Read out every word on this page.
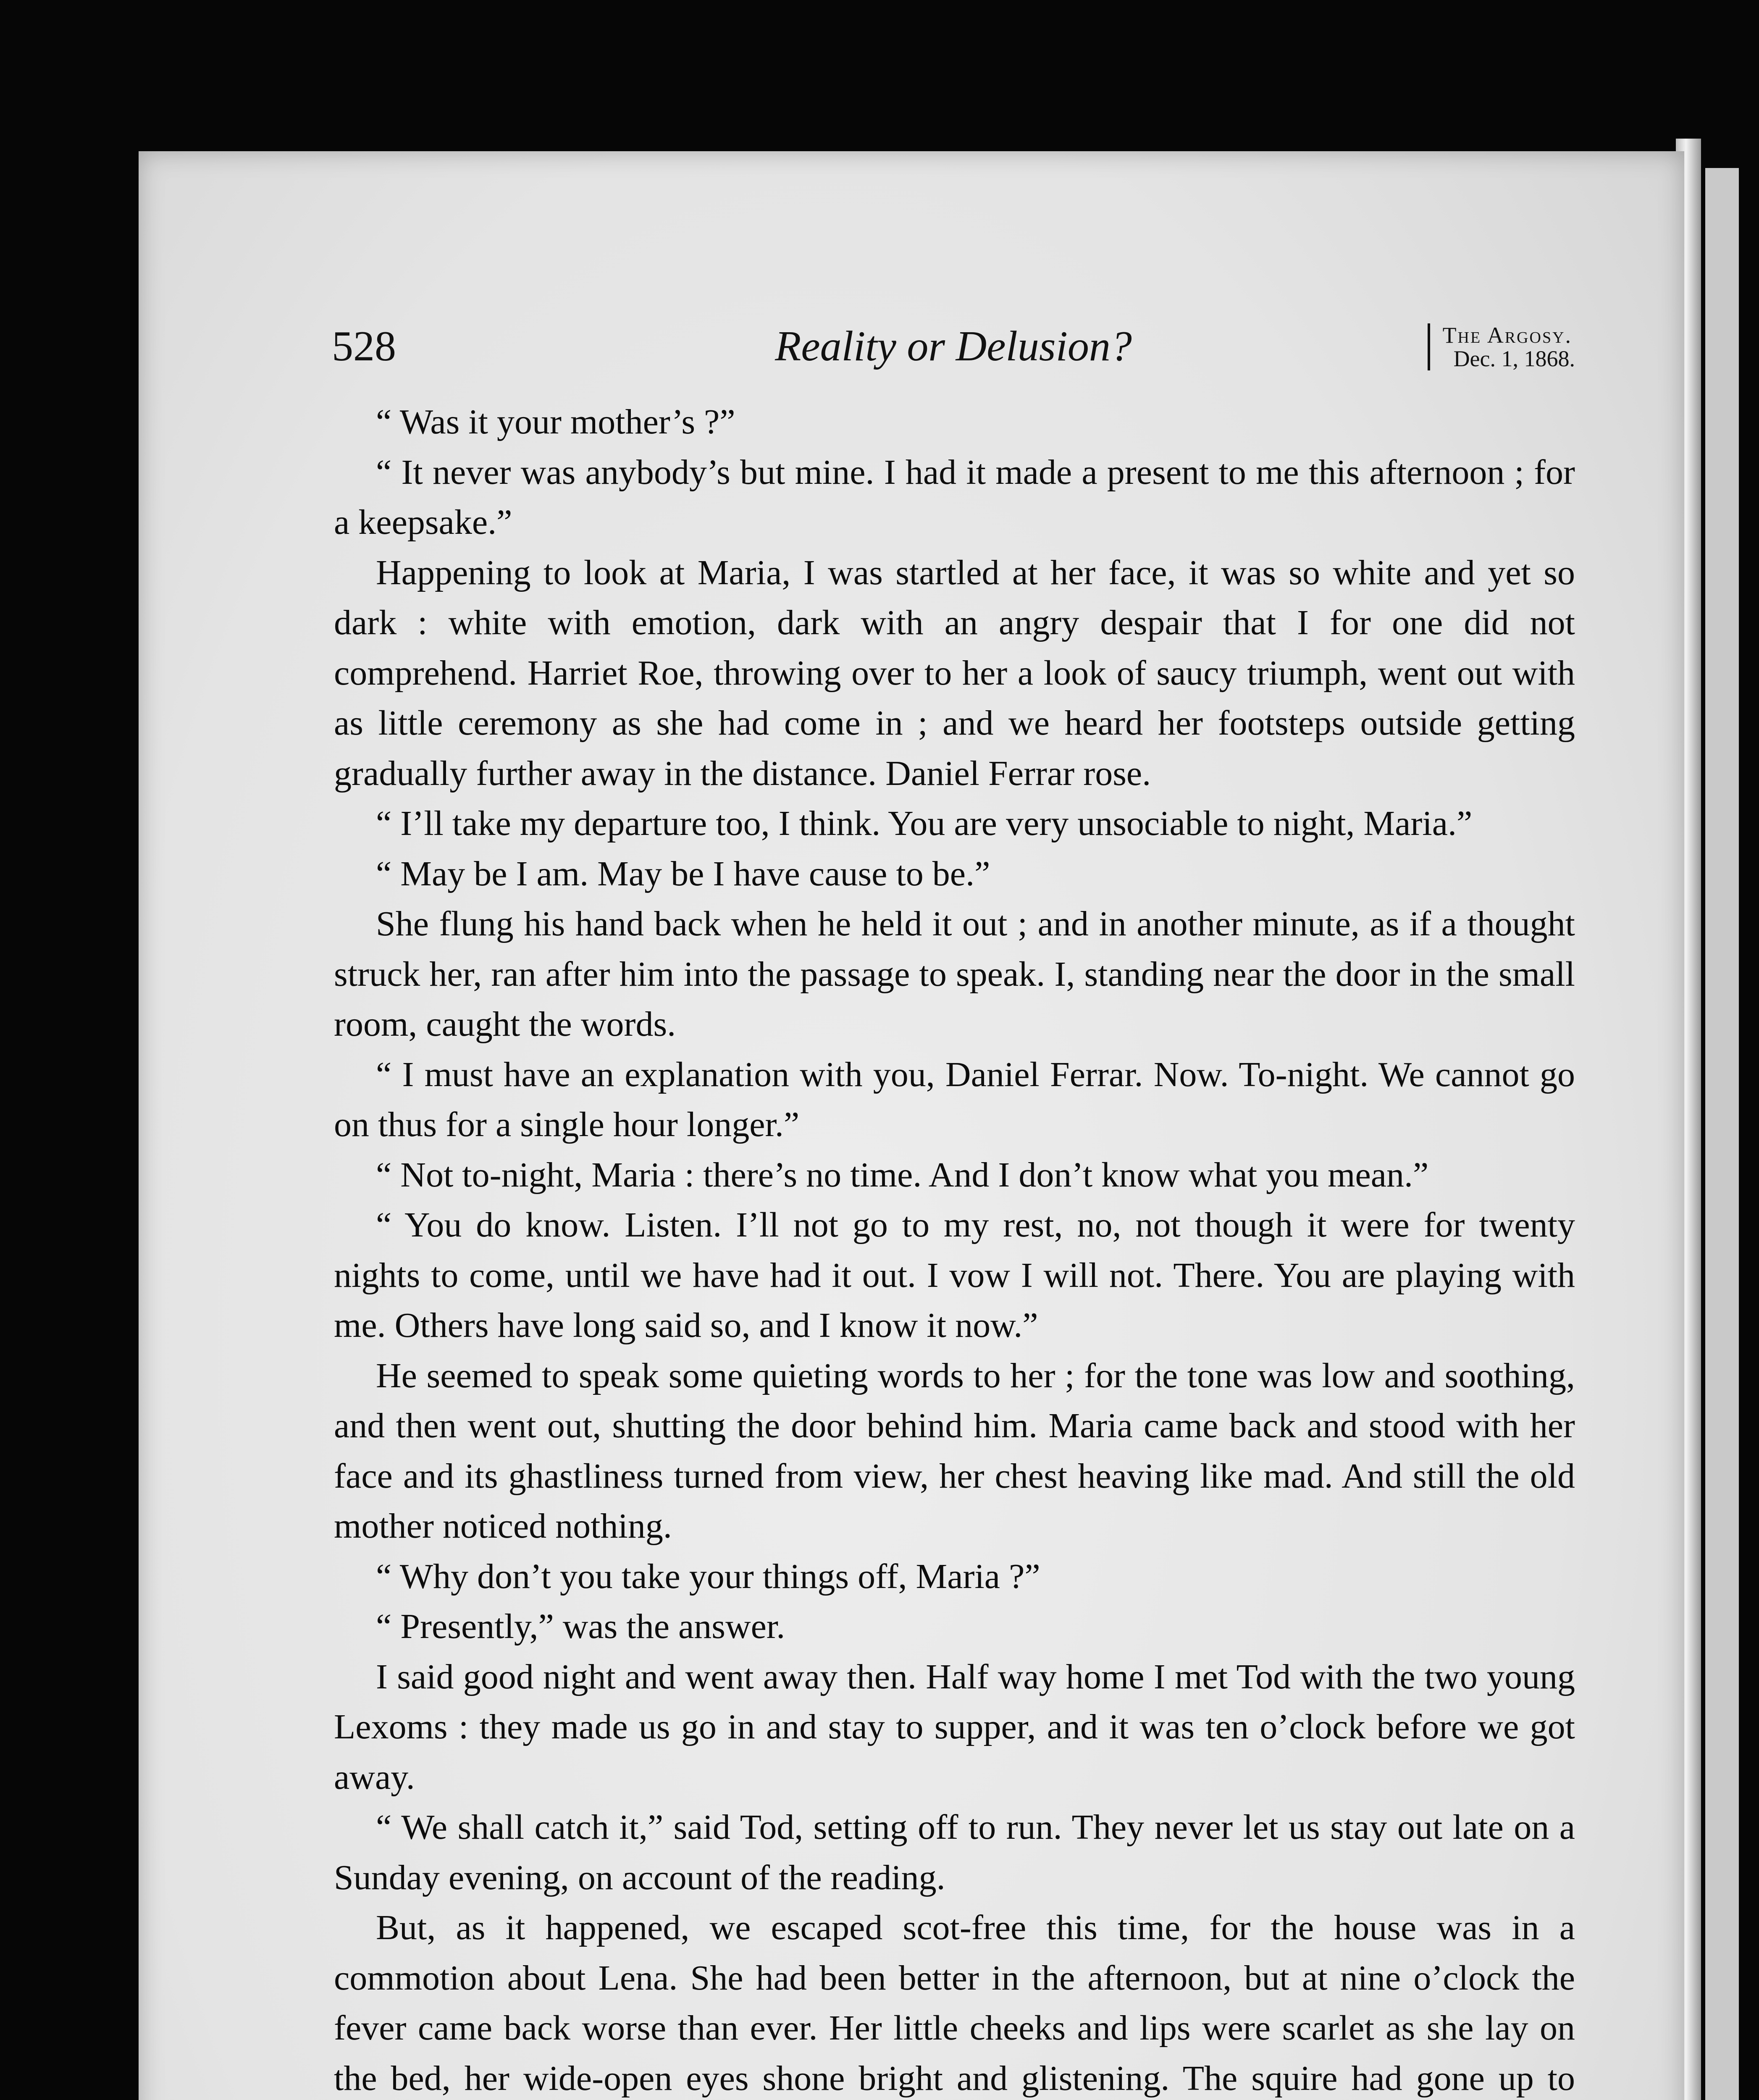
528	Reality or Delusion?	The Argosy.
Dec. 1, 1868.

“ Was it your mother’s ?”

“ It never was anybody’s but mine. I had it made a present to me this afternoon ; for a keepsake.”

Happening to look at Maria, I was startled at her face, it was so white and yet so dark : white with emotion, dark with an angry despair that I for one did not comprehend. Harriet Roe, throwing over to her a look of saucy triumph, went out with as little ceremony as she had come in ; and we heard her footsteps outside getting gradually further away in the distance. Daniel Ferrar rose.

“ I’ll take my departure too, I think. You are very unsociable to night, Maria.”

“ May be I am. May be I have cause to be.”

She flung his hand back when he held it out ; and in another minute, as if a thought struck her, ran after him into the passage to speak. I, standing near the door in the small room, caught the words.

“ I must have an explanation with you, Daniel Ferrar. Now. To-night. We cannot go on thus for a single hour longer.”

“ Not to-night, Maria : there’s no time. And I don’t know what you mean.”

“ You do know. Listen. I’ll not go to my rest, no, not though it were for twenty nights to come, until we have had it out. I vow I will not. There. You are playing with me. Others have long said so, and I know it now.”

He seemed to speak some quieting words to her ; for the tone was low and soothing, and then went out, shutting the door behind him. Maria came back and stood with her face and its ghastliness turned from view, her chest heaving like mad. And still the old mother noticed nothing.

“ Why don’t you take your things off, Maria ?”

“ Presently,” was the answer.

I said good night and went away then. Half way home I met Tod with the two young Lexoms : they made us go in and stay to supper, and it was ten o’clock before we got away.

“ We shall catch it,” said Tod, setting off to run. They never let us stay out late on a Sunday evening, on account of the reading.

But, as it happened, we escaped scot-free this time, for the house was in a commotion about Lena. She had been better in the afternoon, but at nine o’clock the fever came back worse than ever. Her little cheeks and lips were scarlet as she lay on the bed, her wide-open eyes shone bright and glistening. The squire had gone up to
